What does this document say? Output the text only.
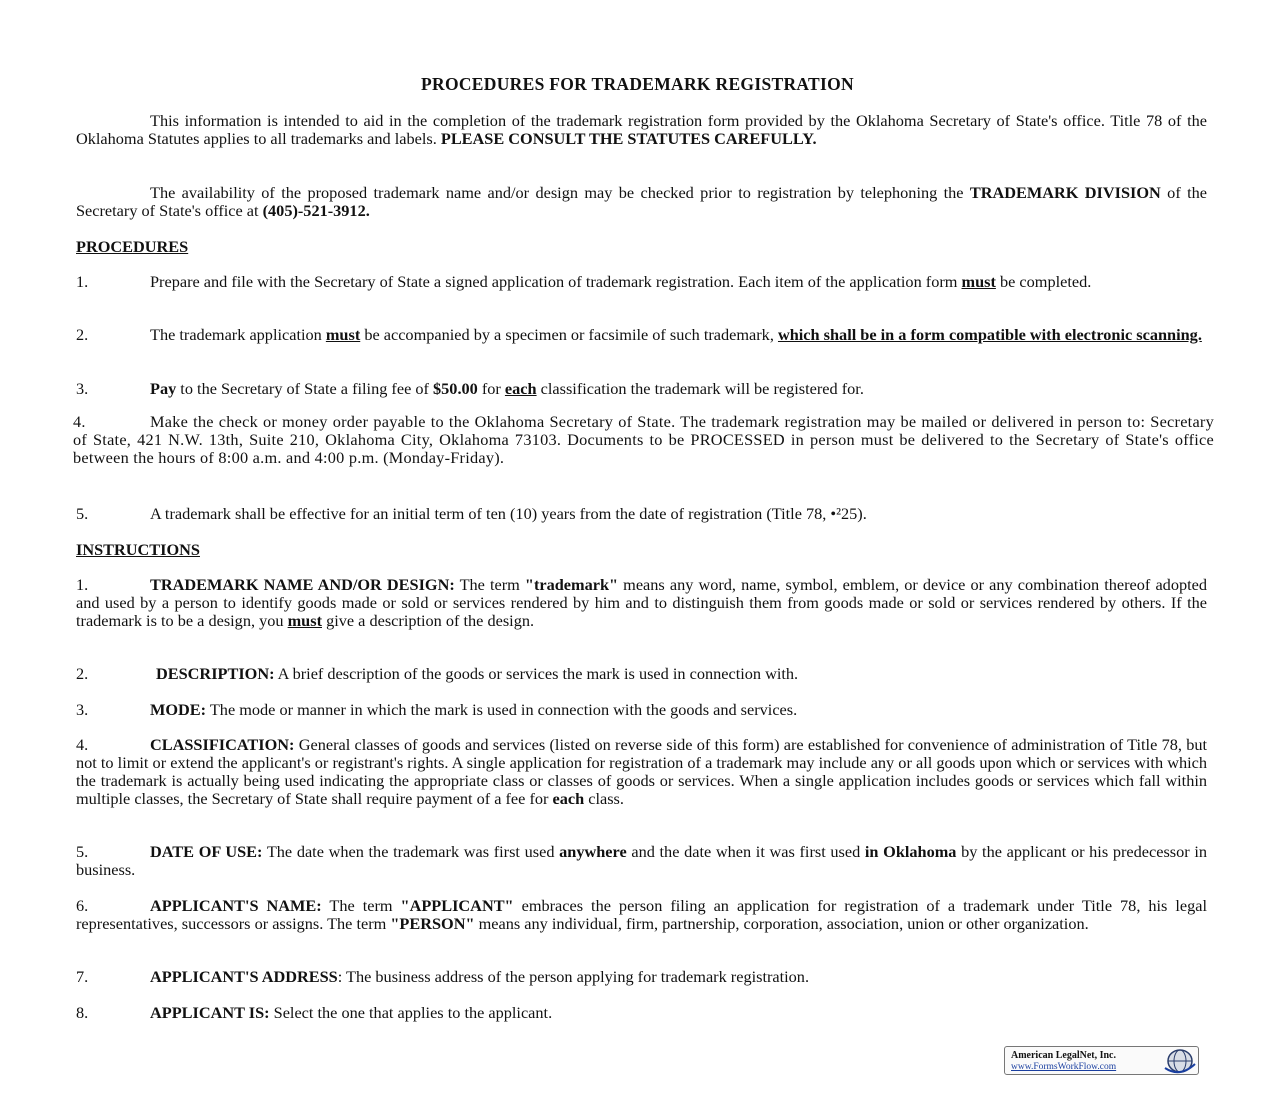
PROCEDURES FOR TRADEMARK REGISTRATION

This information is intended to aid in the completion of the trademark registration form provided by the Oklahoma Secretary of State's office. Title 78 of the Oklahoma Statutes applies to all trademarks and labels. PLEASE CONSULT THE STATUTES CAREFULLY.

The availability of the proposed trademark name and/or design may be checked prior to registration by telephoning the TRADEMARK DIVISION of the Secretary of State's office at (405)-521-3912.

PROCEDURES

1.	Prepare and file with the Secretary of State a signed application of trademark registration. Each item of the application form must be completed.

2.	The trademark application must be accompanied by a specimen or facsimile of such trademark, which shall be in a form compatible with electronic scanning.

3.	Pay to the Secretary of State a filing fee of $50.00 for each classification the trademark will be registered for.

4.	Make the check or money order payable to the Oklahoma Secretary of State. The trademark registration may be mailed or delivered in person to: Secretary of State, 421 N.W. 13th, Suite 210, Oklahoma City, Oklahoma 73103. Documents to be PROCESSED in person must be delivered to the Secretary of State's office between the hours of 8:00 a.m. and 4:00 p.m. (Monday-Friday).

5.	A trademark shall be effective for an initial term of ten (10) years from the date of registration (Title 78, •²25).

INSTRUCTIONS

1.	TRADEMARK NAME AND/OR DESIGN: The term "trademark" means any word, name, symbol, emblem, or device or any combination thereof adopted and used by a person to identify goods made or sold or services rendered by him and to distinguish them from goods made or sold or services rendered by others. If the trademark is to be a design, you must give a description of the design.

2.	DESCRIPTION: A brief description of the goods or services the mark is used in connection with.

3.	MODE: The mode or manner in which the mark is used in connection with the goods and services.

4.	CLASSIFICATION: General classes of goods and services (listed on reverse side of this form) are established for convenience of administration of Title 78, but not to limit or extend the applicant's or registrant's rights. A single application for registration of a trademark may include any or all goods upon which or services with which the trademark is actually being used indicating the appropriate class or classes of goods or services. When a single application includes goods or services which fall within multiple classes, the Secretary of State shall require payment of a fee for each class.

5.	DATE OF USE: The date when the trademark was first used anywhere and the date when it was first used in Oklahoma by the applicant or his predecessor in business.

6.	APPLICANT'S NAME: The term "APPLICANT" embraces the person filing an application for registration of a trademark under Title 78, his legal representatives, successors or assigns. The term "PERSON" means any individual, firm, partnership, corporation, association, union or other organization.

7.	APPLICANT'S ADDRESS: The business address of the person applying for trademark registration.

8.	APPLICANT IS: Select the one that applies to the applicant.

American LegalNet, Inc.
www.FormsWorkFlow.com
